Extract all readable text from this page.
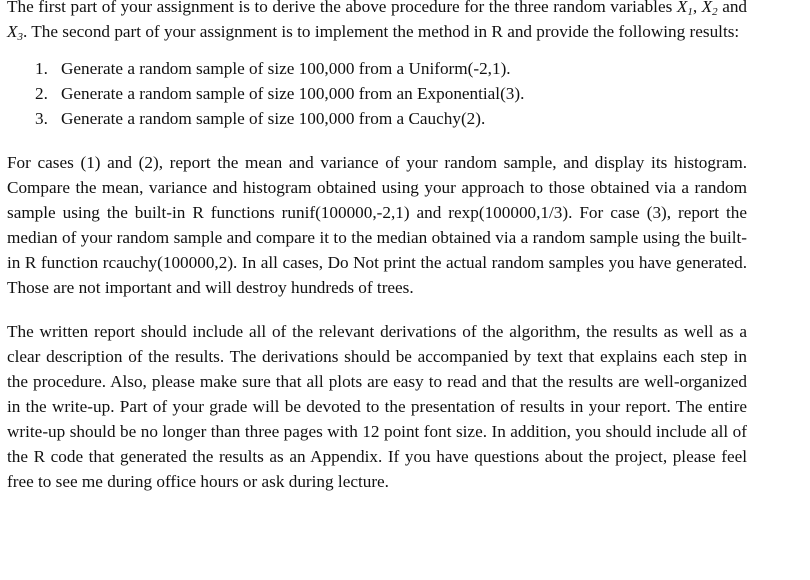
The first part of your assignment is to derive the above procedure for the three random variables $X_1$, $X_2$ and $X_3$. The second part of your assignment is to implement the method in R and provide the following results:

1. Generate a random sample of size 100,000 from a Uniform(-2,1).
2. Generate a random sample of size 100,000 from an Exponential(3).
3. Generate a random sample of size 100,000 from a Cauchy(2).

For cases (1) and (2), report the mean and variance of your random sample, and display its histogram. Compare the mean, variance and histogram obtained using your approach to those obtained via a random sample using the built-in R functions runif(100000,-2,1) and rexp(100000,1/3). For case (3), report the median of your random sample and compare it to the median obtained via a random sample using the built-in R function rcauchy(100000,2). In all cases, Do Not print the actual random samples you have generated. Those are not important and will destroy hundreds of trees.

The written report should include all of the relevant derivations of the algorithm, the results as well as a clear description of the results. The derivations should be accompanied by text that explains each step in the procedure. Also, please make sure that all plots are easy to read and that the results are well-organized in the write-up. Part of your grade will be devoted to the presentation of results in your report. The entire write-up should be no longer than three pages with 12 point font size. In addition, you should include all of the R code that generated the results as an Appendix. If you have questions about the project, please feel free to see me during office hours or ask during lecture.
